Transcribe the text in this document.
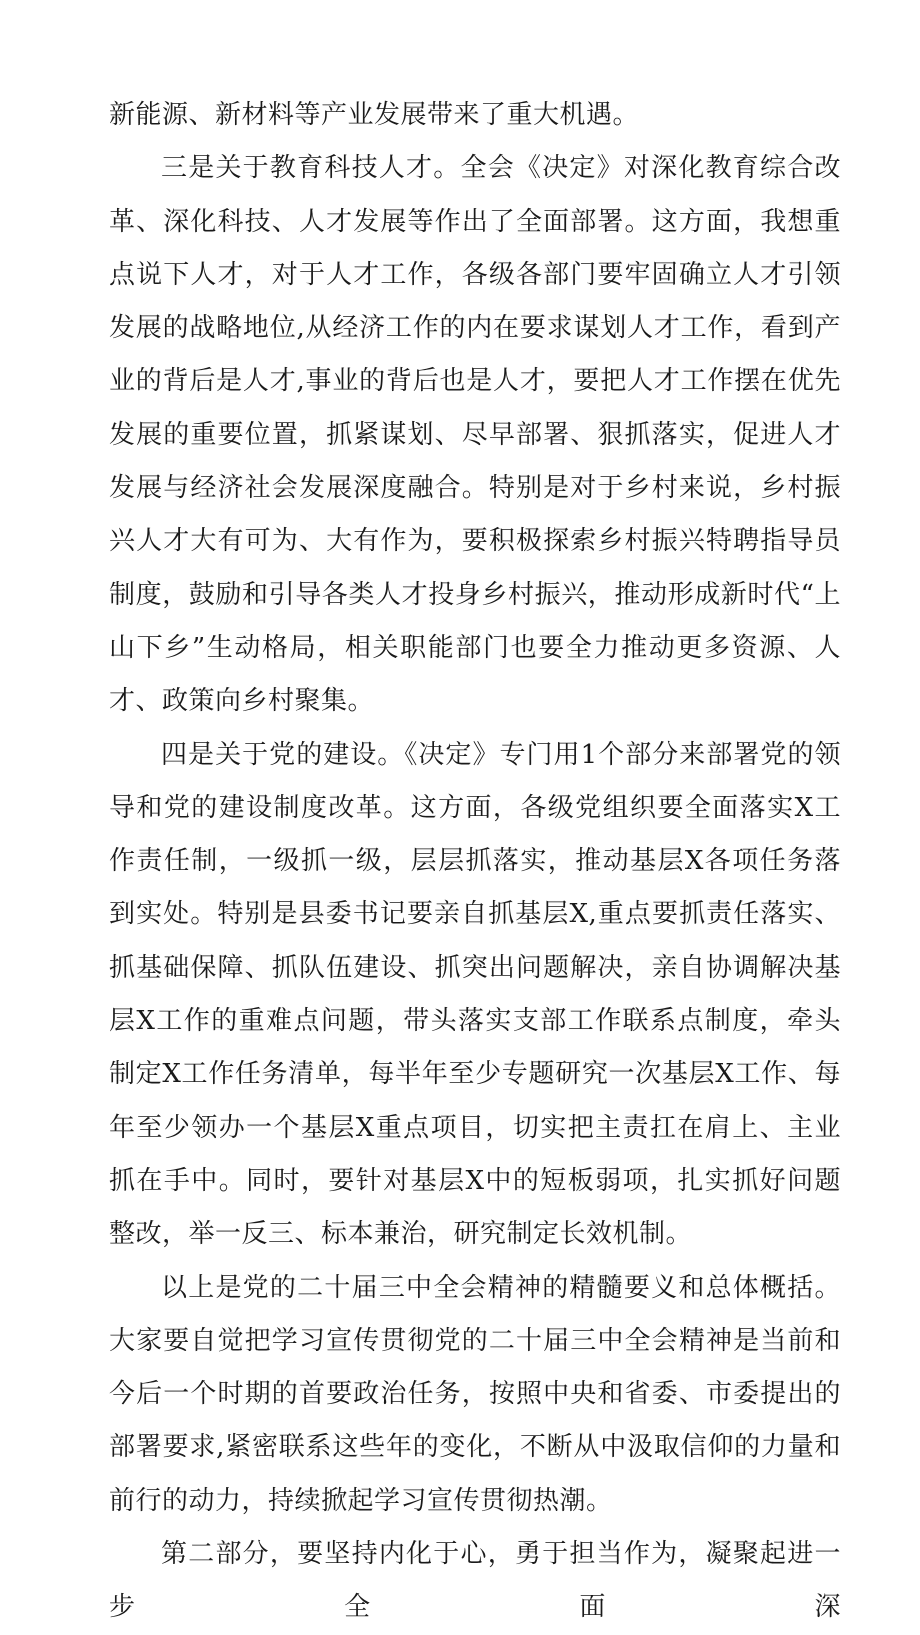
新能源、新材料等产业发展带来了重大机遇。

三是关于教育科技人才。全会《决定》对深化教育综合改革、深化科技、人才发展等作出了全面部署。这方面，我想重点说下人才，对于人才工作，各级各部门要牢固确立人才引领发展的战略地位,从经济工作的内在要求谋划人才工作，看到产业的背后是人才,事业的背后也是人才，要把人才工作摆在优先发展的重要位置，抓紧谋划、尽早部署、狠抓落实，促进人才发展与经济社会发展深度融合。特别是对于乡村来说，乡村振兴人才大有可为、大有作为，要积极探索乡村振兴特聘指导员制度，鼓励和引导各类人才投身乡村振兴，推动形成新时代“上山下乡”生动格局，相关职能部门也要全力推动更多资源、人才、政策向乡村聚集。

四是关于党的建设。《决定》专门用1个部分来部署党的领导和党的建设制度改革。这方面，各级党组织要全面落实X工作责任制，一级抓一级，层层抓落实，推动基层X各项任务落到实处。特别是县委书记要亲自抓基层X,重点要抓责任落实、抓基础保障、抓队伍建设、抓突出问题解决，亲自协调解决基层X工作的重难点问题，带头落实支部工作联系点制度，牵头制定X工作任务清单，每半年至少专题研究一次基层X工作、每年至少领办一个基层X重点项目，切实把主责扛在肩上、主业抓在手中。同时，要针对基层X中的短板弱项，扎实抓好问题整改，举一反三、标本兼治，研究制定长效机制。

以上是党的二十届三中全会精神的精髓要义和总体概括。大家要自觉把学习宣传贯彻党的二十届三中全会精神是当前和今后一个时期的首要政治任务，按照中央和省委、市委提出的部署要求,紧密联系这些年的变化，不断从中汲取信仰的力量和前行的动力，持续掀起学习宣传贯彻热潮。

第二部分，要坚持内化于心，勇于担当作为，凝聚起进一步全面深
